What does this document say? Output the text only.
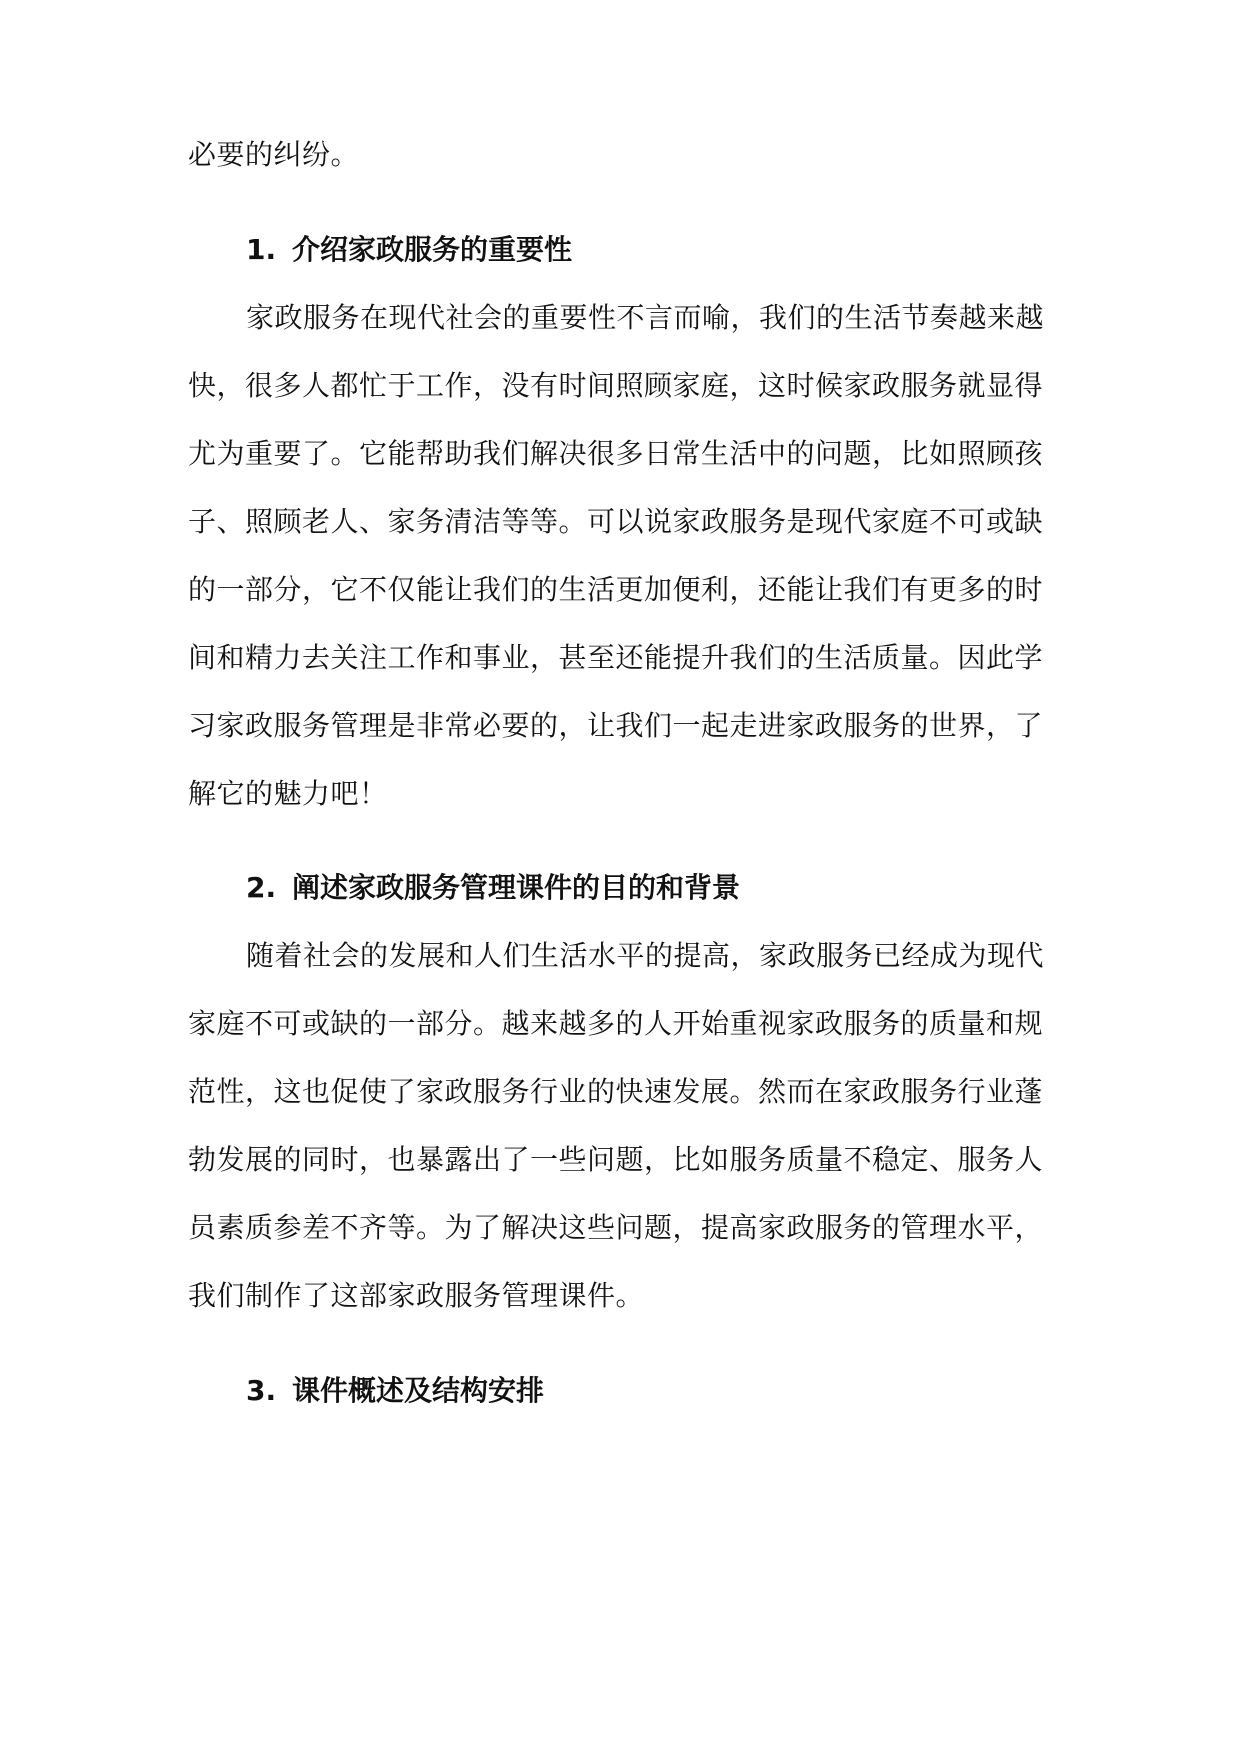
必要的纠纷。
1. 介绍家政服务的重要性
家政服务在现代社会的重要性不言而喻，我们的生活节奏越来越
快，很多人都忙于工作，没有时间照顾家庭，这时候家政服务就显得
尤为重要了。它能帮助我们解决很多日常生活中的问题，比如照顾孩
子、照顾老人、家务清洁等等。可以说家政服务是现代家庭不可或缺
的一部分，它不仅能让我们的生活更加便利，还能让我们有更多的时
间和精力去关注工作和事业，甚至还能提升我们的生活质量。因此学
习家政服务管理是非常必要的，让我们一起走进家政服务的世界，了
解它的魅力吧！
2. 阐述家政服务管理课件的目的和背景
随着社会的发展和人们生活水平的提高，家政服务已经成为现代
家庭不可或缺的一部分。越来越多的人开始重视家政服务的质量和规
范性，这也促使了家政服务行业的快速发展。然而在家政服务行业蓬
勃发展的同时，也暴露出了一些问题，比如服务质量不稳定、服务人
员素质参差不齐等。为了解决这些问题，提高家政服务的管理水平，
我们制作了这部家政服务管理课件。
3. 课件概述及结构安排
